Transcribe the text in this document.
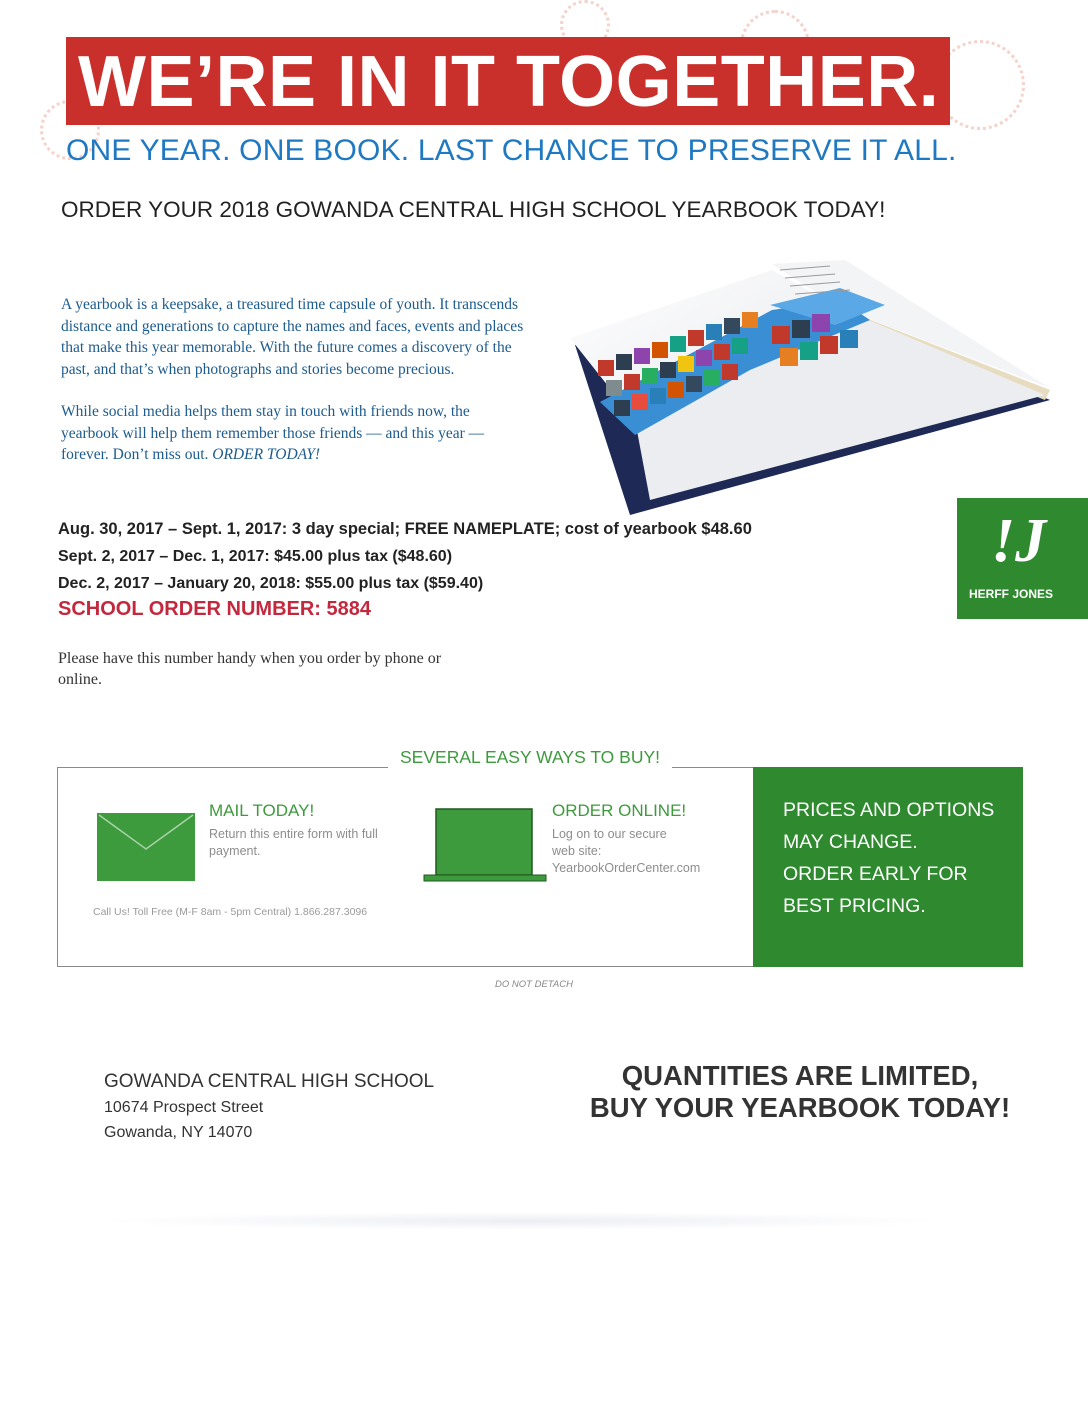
WE’RE IN IT TOGETHER.
ONE YEAR. ONE BOOK. LAST CHANCE TO PRESERVE IT ALL.
ORDER YOUR 2018 GOWANDA CENTRAL HIGH SCHOOL YEARBOOK TODAY!

A yearbook is a keepsake, a treasured time capsule of youth. It transcends distance and generations to capture the names and faces, events and places that make this year memorable. With the future comes a discovery of the past, and that’s when photographs and stories become precious.

While social media helps them stay in touch with friends now, the yearbook will help them remember those friends — and this year — forever. Don’t miss out. ORDER TODAY!

Aug. 30, 2017 – Sept. 1, 2017: 3 day special; FREE NAMEPLATE; cost of yearbook $48.60
Sept. 2, 2017 – Dec. 1, 2017: $45.00 plus tax ($48.60)
Dec. 2, 2017 – January 20, 2018: $55.00 plus tax ($59.40)
SCHOOL ORDER NUMBER: 5884
Please have this number handy when you order by phone or online.
!J
HERFF JONES
SEVERAL EASY WAYS TO BUY!
MAIL TODAY!
Return this entire form with full payment.
ORDER ONLINE!
Log on to our secure
web site:
YearbookOrderCenter.com
Call Us! Toll Free (M-F 8am - 5pm Central) 1.866.287.3096
PRICES AND OPTIONS
MAY CHANGE.
ORDER EARLY FOR
BEST PRICING.
DO NOT DETACH
GOWANDA CENTRAL HIGH SCHOOL
10674 Prospect Street
Gowanda, NY 14070
QUANTITIES ARE LIMITED,
BUY YOUR YEARBOOK TODAY!
